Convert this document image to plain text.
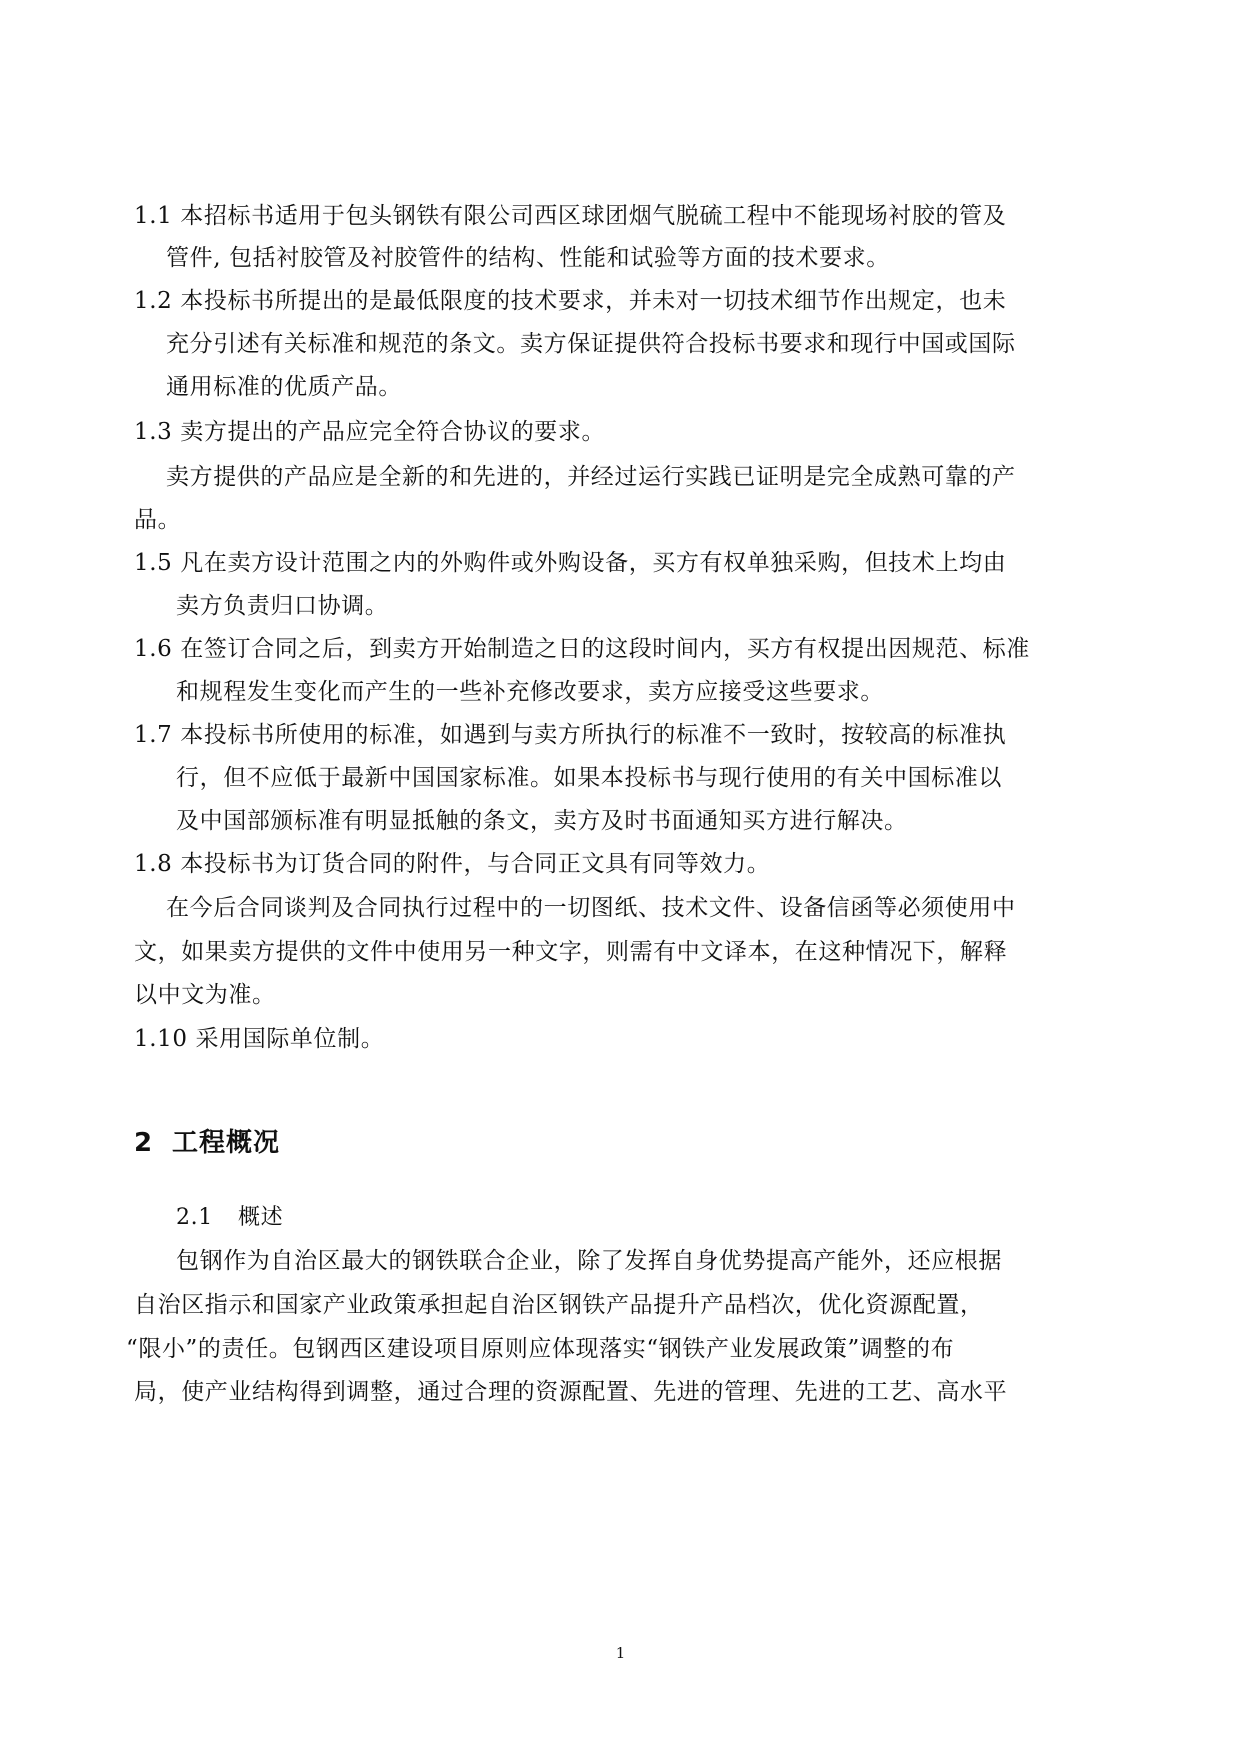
1.1 本招标书适用于包头钢铁有限公司西区球团烟气脱硫工程中不能现场衬胶的管及
管件, 包括衬胶管及衬胶管件的结构、性能和试验等方面的技术要求。
1.2 本投标书所提出的是最低限度的技术要求，并未对一切技术细节作出规定，也未
充分引述有关标准和规范的条文。卖方保证提供符合投标书要求和现行中国或国际
通用标准的优质产品。
1.3 卖方提出的产品应完全符合协议的要求。
卖方提供的产品应是全新的和先进的，并经过运行实践已证明是完全成熟可靠的产
品。
1.5 凡在卖方设计范围之内的外购件或外购设备，买方有权单独采购，但技术上均由
卖方负责归口协调。
1.6 在签订合同之后，到卖方开始制造之日的这段时间内，买方有权提出因规范、标准
和规程发生变化而产生的一些补充修改要求，卖方应接受这些要求。
1.7 本投标书所使用的标准，如遇到与卖方所执行的标准不一致时，按较高的标准执
行，但不应低于最新中国国家标准。如果本投标书与现行使用的有关中国标准以
及中国部颁标准有明显抵触的条文，卖方及时书面通知买方进行解决。
1.8 本投标书为订货合同的附件，与合同正文具有同等效力。
在今后合同谈判及合同执行过程中的一切图纸、技术文件、设备信函等必须使用中
文，如果卖方提供的文件中使用另一种文字，则需有中文译本，在这种情况下，解释
以中文为准。
1.10 采用国际单位制。
2 工程概况
2.1 概述
包钢作为自治区最大的钢铁联合企业，除了发挥自身优势提高产能外，还应根据
自治区指示和国家产业政策承担起自治区钢铁产品提升产品档次，优化资源配置，
“限小”的责任。包钢西区建设项目原则应体现落实“钢铁产业发展政策”调整的布
局，使产业结构得到调整，通过合理的资源配置、先进的管理、先进的工艺、高水平
1
